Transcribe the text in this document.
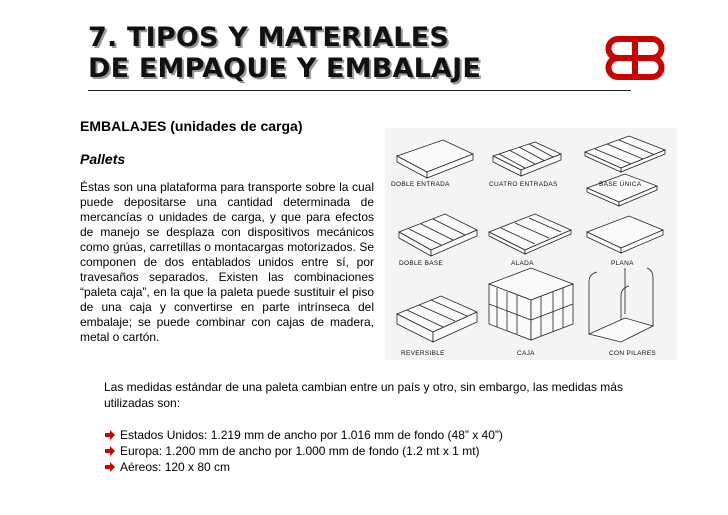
7. TIPOS Y MATERIALES
DE EMPAQUE Y EMBALAJE

EMBALAJES (unidades de carga)

Pallets

Éstas son una plataforma para transporte sobre la cual puede depositarse una cantidad determinada de mercancías o unidades de carga, y que para efectos de manejo se desplaza con dispositivos mecánicos como grúas, carretillas o montacargas motorizados. Se componen de dos entablados unidos entre sí, por travesaños separados. Existen las combinaciones “paleta caja”, en la que la paleta puede sustituir el piso de una caja y convertirse en parte intrínseca del embalaje; se puede combinar con cajas de madera, metal o cartón.

DOBLE ENTRADA	CUATRO ENTRADAS	BASE ÚNICA
DOBLE BASE	ALADA	PLANA
REVERSIBLE	CAJA	CON PILARES

Las medidas estándar de una paleta cambian entre un país y otro, sin embargo, las medidas más utilizadas son:

Estados Unidos: 1.219 mm de ancho por 1.016 mm de fondo (48” x 40”)
Europa: 1.200 mm de ancho por 1.000 mm de fondo (1.2 mt x 1 mt)
Aéreos: 120 x 80 cm
